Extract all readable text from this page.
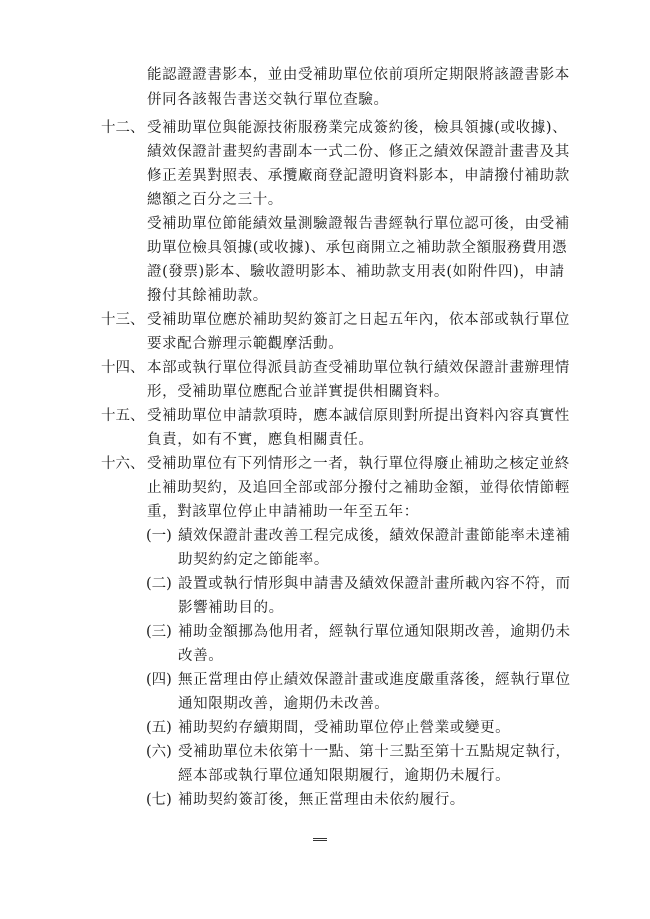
能認證證書影本，並由受補助單位依前項所定期限將該證書影本
併同各該報告書送交執行單位查驗。
十二、 受補助單位與能源技術服務業完成簽約後，檢具領據(或收據)、
績效保證計畫契約書副本一式二份、修正之績效保證計畫書及其
修正差異對照表、承攬廠商登記證明資料影本，申請撥付補助款
總額之百分之三十。
受補助單位節能績效量測驗證報告書經執行單位認可後，由受補
助單位檢具領據(或收據)、承包商開立之補助款全額服務費用憑
證(發票)影本、驗收證明影本、補助款支用表(如附件四)，申請
撥付其餘補助款。
十三、 受補助單位應於補助契約簽訂之日起五年內，依本部或執行單位
要求配合辦理示範觀摩活動。
十四、 本部或執行單位得派員訪查受補助單位執行績效保證計畫辦理情
形，受補助單位應配合並詳實提供相關資料。
十五、 受補助單位申請款項時，應本誠信原則對所提出資料內容真實性
負責，如有不實，應負相關責任。
十六、 受補助單位有下列情形之一者，執行單位得廢止補助之核定並終
止補助契約，及追回全部或部分撥付之補助金額，並得依情節輕
重，對該單位停止申請補助一年至五年：
(一) 績效保證計畫改善工程完成後，績效保證計畫節能率未達補
助契約約定之節能率。
(二) 設置或執行情形與申請書及績效保證計畫所載內容不符，而
影響補助目的。
(三) 補助金額挪為他用者，經執行單位通知限期改善，逾期仍未
改善。
(四) 無正當理由停止績效保證計畫或進度嚴重落後，經執行單位
通知限期改善，逾期仍未改善。
(五) 補助契約存續期間，受補助單位停止營業或變更。
(六) 受補助單位未依第十一點、第十三點至第十五點規定執行，
經本部或執行單位通知限期履行，逾期仍未履行。
(七) 補助契約簽訂後，無正當理由未依約履行。
